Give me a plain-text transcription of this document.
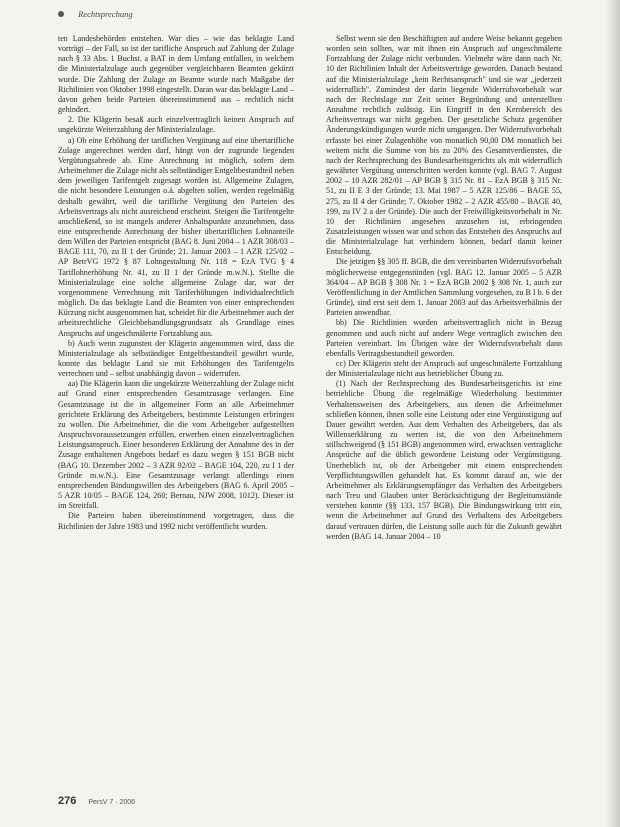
Rechtsprechung

ten Landesbehörden entstehen. War dies – wie das beklagte Land vorträgt – der Fall, so ist der tarifliche Anspruch auf Zahlung der Zulage nach § 33 Abs. 1 Buchst. a BAT in dem Umfang entfallen, in welchem die Ministerialzulage auch gegenüber vergleichbaren Beamten gekürzt wurde. Die Zahlung der Zulage an Beamte wurde nach Maßgabe der Richtlinien von Oktober 1998 eingestellt. Daran war das beklagte Land – davon gehen beide Parteien übereinstimmend aus – rechtlich nicht gehindert.

2. Die Klägerin besaß auch einzelvertraglich keinen Anspruch auf ungekürzte Weiterzahlung der Ministerialzulage.

a) Ob eine Erhöhung der tariflichen Vergütung auf eine übertarifliche Zulage angerechnet werden darf, hängt von der zugrunde liegenden Vergütungsabrede ab. Eine Anrechnung ist möglich, sofern dem Arbeitnehmer die Zulage nicht als selbständiger Entgeltbestandteil neben dem jeweiligen Tarifentgelt zugesagt worden ist. Allgemeine Zulagen, die nicht besondere Leistungen o.ä. abgelten sollen, werden regelmäßig deshalb gewährt, weil die tarifliche Vergütung den Parteien des Arbeitsvertrags als nicht ausreichend erscheint. Steigen die Tarifentgelte anschließend, so ist mangels anderer Anhaltspunkte anzunehmen, dass eine entsprechende Anrechnung der bisher übertariflichen Lohnanteile dem Willen der Parteien entspricht (BAG 8. Juni 2004 – 1 AZR 308/03 – BAGE 111, 70, zu II 1 der Gründe; 21. Januar 2003 – 1 AZR 125/02 – AP BetrVG 1972 § 87 Lohngestaltung Nr. 118 = EzA TVG § 4 Tariflohnerhöhung Nr. 41, zu II 1 der Gründe m.w.N.). Stellte die Ministerialzulage eine solche allgemeine Zulage dar, war der vorgenommene Verrechnung mit Tariferhöhungen individualrechtlich möglich. Da das beklagte Land die Beamten von einer entsprechenden Kürzung nicht ausgenommen hat, scheidet für die Arbeitnehmer auch der arbeitsrechtliche Gleichbehandlungsgrundsatz als Grundlage eines Anspruchs auf ungeschmälerte Fortzahlung aus.

b) Auch wenn zugunsten der Klägerin angenommen wird, dass die Ministerialzulage als selbständiger Entgeltbestandteil gewährt wurde, konnte das beklagte Land sie mit Erhöhungen des Tarifentgelts verrechnen und – selbst unabhängig davon – widerrufen.

aa) Die Klägerin kann die ungekürzte Weiterzahlung der Zulage nicht auf Grund einer entsprechenden Gesamtzusage verlangen. Eine Gesamtzusage ist die in allgemeiner Form an alle Arbeitnehmer gerichtete Erklärung des Arbeitgebers, bestimmte Leistungen erbringen zu wollen. Die Arbeitnehmer, die die vom Arbeitgeber aufgestellten Anspruchsvoraussetzungen erfüllen, erwerben einen einzelvertraglichen Leistungsanspruch. Einer besonderen Erklärung der Annahme des in der Zusage enthaltenen Angebots bedarf es dazu wegen § 151 BGB nicht (BAG 10. Dezember 2002 – 3 AZR 92/02 – BAGE 104, 220, zu I 1 der Gründe m.w.N.). Eine Gesamtzusage verlangt allerdings einen entsprechenden Bindungswillen des Arbeitgebers (BAG 6. April 2005 – 5 AZR 10/05 – BAGE 124, 260; Bernau, NJW 2008, 1012). Dieser ist im Streitfall.

Die Parteien haben übereinstimmend vorgetragen, dass die Richtlinien der Jahre 1983 und 1992 nicht veröffentlicht wurden.

Selbst wenn sie den Beschäftigten auf andere Weise bekannt gegeben worden sein sollten, war mit ihnen ein Anspruch auf ungeschmälerte Fortzahlung der Zulage nicht verbunden. Vielmehr wäre dann nach Nr. 10 der Richtlinien Inhalt der Arbeitsverträge geworden. Danach bestand auf die Ministerialzulage „kein Rechtsanspruch" und sie war „jederzeit widerruflich". Zumindest der darin liegende Widerrufsvorbehalt war nach der Rechtslage zur Zeit seiner Begründung und unterstellten Annahme rechtlich zulässig. Ein Eingriff in den Kernbereich des Arbeitsvertrags war nicht gegeben. Der gesetzliche Schutz gegenüber Änderungskündigungen wurde nicht umgangen. Der Widerrufsvorbehalt erfasste bei einer Zulagenhöhe von monatlich 90,00 DM monatlich bei weitem nicht die Summe von bis zu 20% des Gesamtverdienstes, die nach der Rechtsprechung des Bundesarbeitsgerichts als mit widerruflich gewährter Vergütung unterschritten werden konnte (vgl. BAG 7. August 2002 – 10 AZR 282/01 – AP BGB § 315 Nr. 81 – EzA BGB § 315 Nr. 51, zu II E 3 der Gründe; 13. Mai 1987 – 5 AZR 125/86 – BAGE 55, 275, zu II 4 der Gründe; 7. Oktober 1982 – 2 AZR 455/80 – BAGE 40, 199, zu IV 2 a der Gründe). Die auch der Freiwilligkeitsvorbehalt in Nr. 10 der Richtlinien angesehen anzusehen ist, erbringenden Zusatzleistungen wissen war und schon das Entstehen des Anspruchs auf die Ministerialzulage hat verhindern können, bedarf damit keiner Entscheidung.

Die jetzigen §§ 305 ff. BGB, die den vereinbarten Widerrufsvorbehalt möglicherweise entgegenstünden (vgl. BAG 12. Januar 2005 – 5 AZR 364/04 – AP BGB § 308 Nr. 1 = EzA BGB 2002 § 308 Nr. 1, auch zur Veröffentlichung in der Amtlichen Sammlung vorgesehen, zu B I b. 6 der Gründe), sind erst seit dem 1. Januar 2003 auf das Arbeitsverhältnis der Parteien anwendbar.

bb) Die Richtlinien wurden arbeitsvertraglich nicht in Bezug genommen und auch nicht auf andere Wege vertraglich zwischen den Parteien vereinbart. Im Übrigen wäre der Widerrufsvorbehalt dann ebenfalls Vertragsbestandteil geworden.

cc) Der Klägerin steht der Anspruch auf ungeschmälerte Fortzahlung der Ministerialzulage nicht aus betrieblicher Übung zu.

(1) Nach der Rechtsprechung des Bundesarbeitsgerichts ist eine betriebliche Übung die regelmäßige Wiederholung bestimmter Verhaltensweisen des Arbeitgebers, aus denen die Arbeitnehmer schließen können, ihnen solle eine Leistung oder eine Vergünstigung auf Dauer gewährt werden. Aus dem Verhalten des Arbeitgebers, das als Willenserklärung zu werten ist, die von den Arbeitnehmern stillschweigend (§ 151 BGB) angenommen wird, erwachsen vertragliche Ansprüche auf die üblich gewordene Leistung oder Vergünstigung. Unerheblich ist, ob der Arbeitgeber mit einem entsprechenden Verpflichtungswillen gehandelt hat. Es kommt darauf an, wie der Arbeitnehmer als Erklärungsempfänger das Verhalten des Arbeitgebers nach Treu und Glauben unter Berücksichtigung der Begleitumstände verstehen konnte (§§ 133, 157 BGB). Die Bindungswirkung tritt ein, wenn die Arbeitnehmer auf Grund des Verhaltens des Arbeitgebers darauf vertrauen dürfen, die Leistung solle auch für die Zukunft gewährt werden (BAG 14. Januar 2004 – 10

276 PersV 7 · 2006
